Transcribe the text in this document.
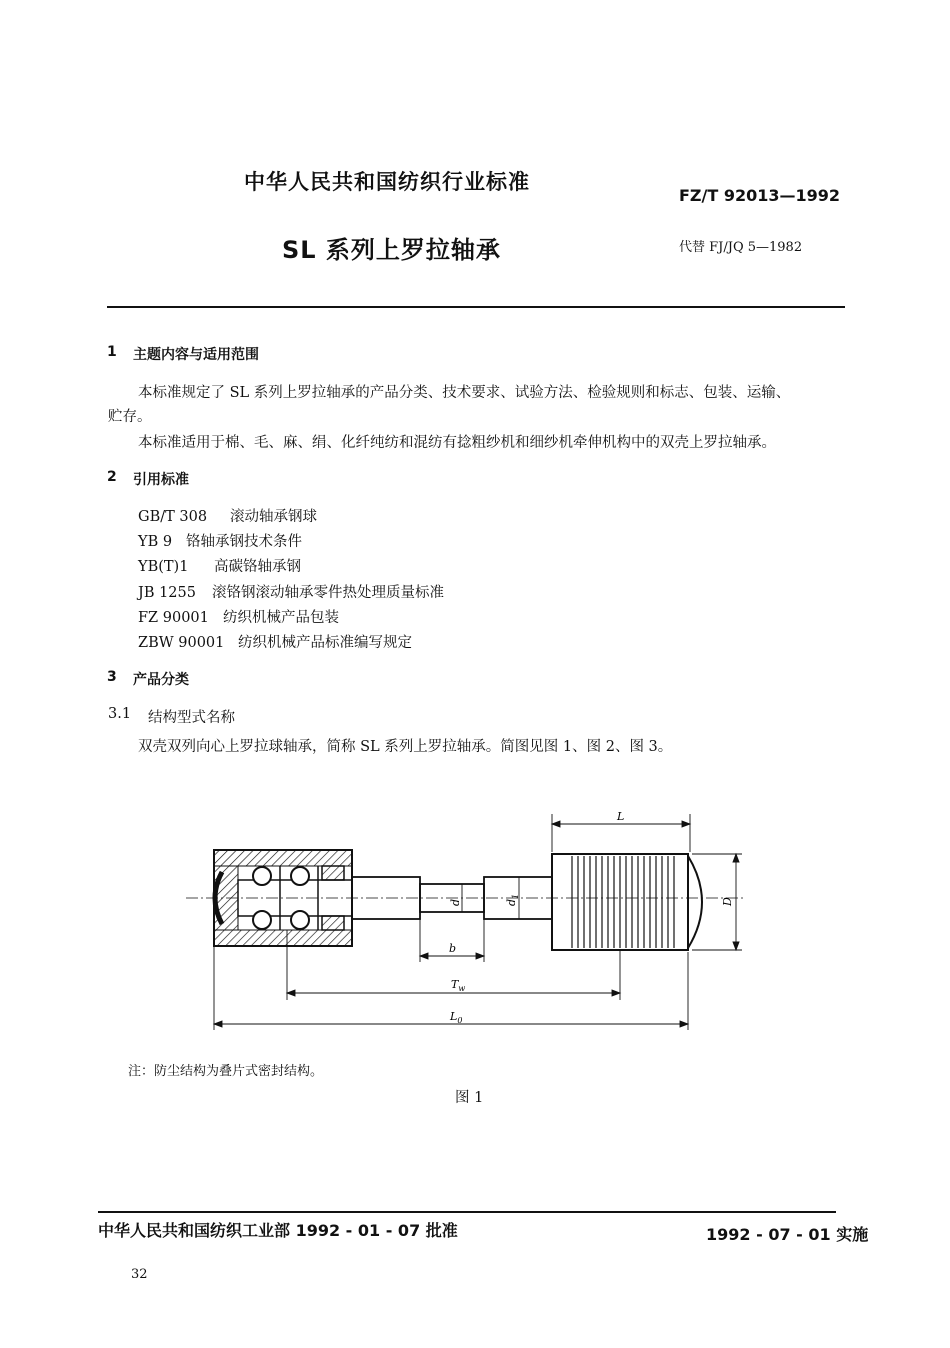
中华人民共和国纺织行业标准
FZ/T 92013—1992
SL 系列上罗拉轴承	代替 FJ/JQ 5—1982
1 主题内容与适用范围
本标准规定了 SL 系列上罗拉轴承的产品分类、技术要求、试验方法、检验规则和标志、包装、运输、
贮存。
本标准适用于棉、毛、麻、绢、化纤纯纺和混纺有捻粗纱机和细纱机牵伸机构中的双壳上罗拉轴承。
2 引用标准
GB/T 308 滚动轴承钢球
YB 9 铬轴承钢技术条件
YB(T)1 高碳铬轴承钢
JB 1255 滚铬钢滚动轴承零件热处理质量标准
FZ 90001 纺织机械产品包装
ZBW 90001 纺织机械产品标准编写规定
3 产品分类
3.1 结构型式名称
双壳双列向心上罗拉球轴承，简称 SL 系列上罗拉轴承。简图见图 1、图 2、图 3。
L
D
d	$d_1$
b
$T_w$
$L_0$
注：防尘结构为叠片式密封结构。
图 1
中华人民共和国纺织工业部 1992 - 01 - 07 批准	1992 - 07 - 01 实施
32
